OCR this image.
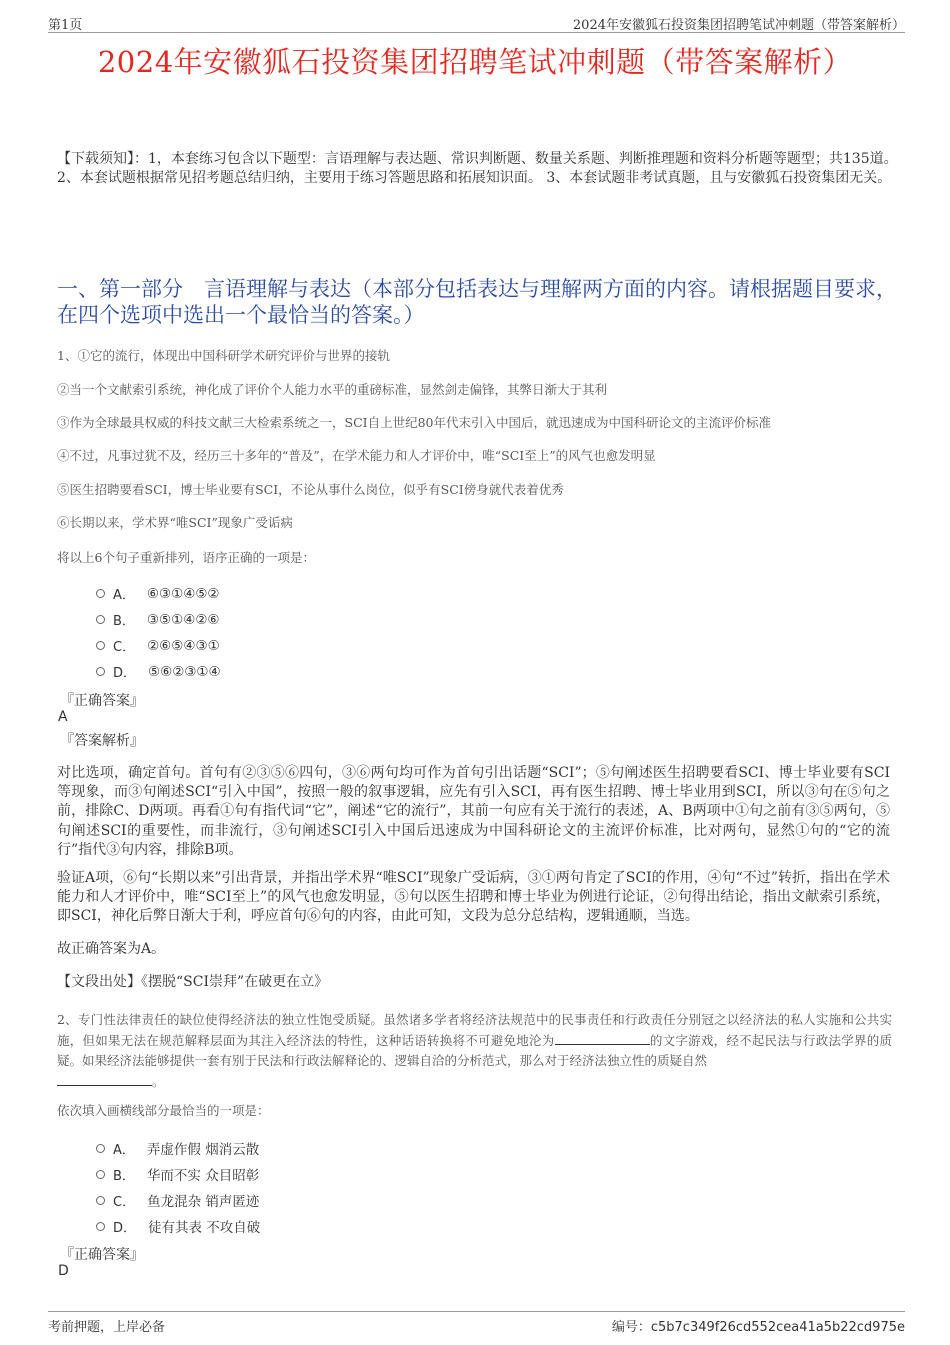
第1页	2024年安徽狐石投资集团招聘笔试冲刺题（带答案解析）
2024年安徽狐石投资集团招聘笔试冲刺题（带答案解析）
【下载须知】：1，本套练习包含以下题型：言语理解与表达题、常识判断题、数量关系题、判断推理题和资料分析题等题型；共135道。 2、本套试题根据常见招考题总结归纳，主要用于练习答题思路和拓展知识面。 3、本套试题非考试真题，且与安徽狐石投资集团无关。
一、第一部分　言语理解与表达（本部分包括表达与理解两方面的内容。请根据题目要求，在四个选项中选出一个最恰当的答案。）
1、①它的流行，体现出中国科研学术研究评价与世界的接轨
②当一个文献索引系统，神化成了评价个人能力水平的重磅标准，显然剑走偏锋，其弊日渐大于其利
③作为全球最具权威的科技文献三大检索系统之一，SCI自上世纪80年代末引入中国后，就迅速成为中国科研论文的主流评价标准
④不过，凡事过犹不及，经历三十多年的“普及”，在学术能力和人才评价中，唯“SCI至上”的风气也愈发明显
⑤医生招聘要看SCI，博士毕业要有SCI，不论从事什么岗位，似乎有SCI傍身就代表着优秀
⑥长期以来，学术界“唯SCI”现象广受诟病
将以上6个句子重新排列，语序正确的一项是：
A． ⑥③①④⑤②
B． ③⑤①④②⑥
C． ②⑥⑤④③①
D． ⑤⑥②③①④
『正确答案』
A
『答案解析』
对比选项，确定首句。首句有②③⑤⑥四句，③⑥两句均可作为首句引出话题“SCI”；⑤句阐述医生招聘要看SCI、博士毕业要有SCI等现象，而③句阐述SCI“引入中国”，按照一般的叙事逻辑，应先有引入SCI，再有医生招聘、博士毕业用到SCI，所以③句在⑤句之前，排除C、D两项。再看①句有指代词“它”，阐述“它的流行”，其前一句应有关于流行的表述，A、B两项中①句之前有③⑤两句，⑤句阐述SCI的重要性，而非流行，③句阐述SCI引入中国后迅速成为中国科研论文的主流评价标准，比对两句，显然①句的“它的流行”指代③句内容，排除B项。
验证A项，⑥句“长期以来”引出背景，并指出学术界“唯SCI”现象广受诟病，③①两句肯定了SCI的作用，④句“不过”转折，指出在学术能力和人才评价中，唯“SCI至上”的风气也愈发明显，⑤句以医生招聘和博士毕业为例进行论证，②句得出结论，指出文献索引系统，即SCI，神化后弊日渐大于利，呼应首句⑥句的内容，由此可知，文段为总分总结构，逻辑通顺，当选。
故正确答案为A。
【文段出处】《摆脱“SCI崇拜”在破更在立》
2、专门性法律责任的缺位使得经济法的独立性饱受质疑。虽然诸多学者将经济法规范中的民事责任和行政责任分别冠之以经济法的私人实施和公共实施，但如果无法在规范解释层面为其注入经济法的特性，这种话语转换将不可避免地沦为	的文字游戏，经不起民法与行政法学界的质疑。如果经济法能够提供一套有别于民法和行政法解释论的、逻辑自洽的分析范式，那么对于经济法独立性的质疑自然
。
依次填入画横线部分最恰当的一项是：
A． 弄虚作假 烟消云散
B． 华而不实 众目昭彰
C． 鱼龙混杂 销声匿迹
D． 徒有其表 不攻自破
『正确答案』
D
考前押题，上岸必备	编号：c5b7c349f26cd552cea41a5b22cd975e
